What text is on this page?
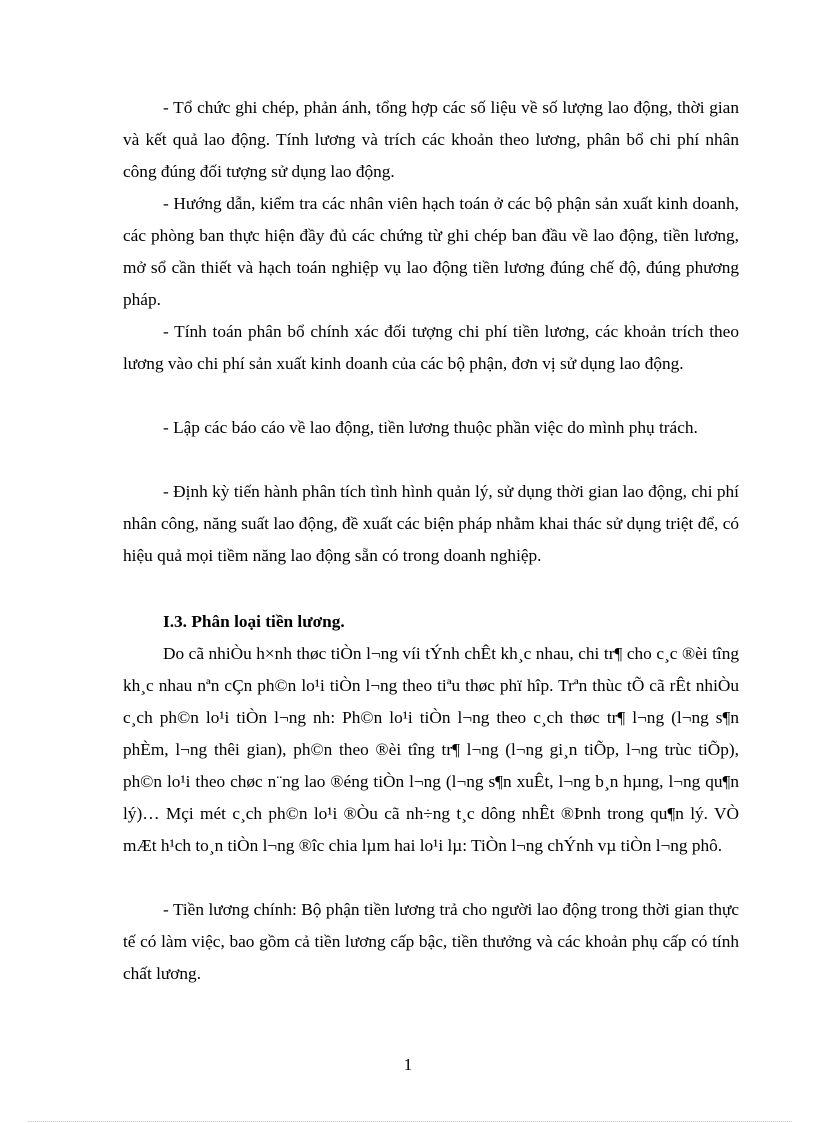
- Tổ chức ghi chép, phản ánh, tổng hợp các số liệu về số lượng lao động, thời gian và kết quả lao động. Tính lương và trích các khoản theo lương, phân bổ chi phí nhân công đúng đối tượng sử dụng lao động.

- Hướng dẫn, kiểm tra các nhân viên hạch toán ở các bộ phận sản xuất kinh doanh, các phòng ban thực hiện đầy đủ các chứng từ ghi chép ban đầu về lao động, tiền lương, mở sổ cần thiết và hạch toán nghiệp vụ lao động tiền lương đúng chế độ, đúng phương pháp.

- Tính toán phân bổ chính xác đối tượng chi phí tiền lương, các khoản trích theo lương vào chi phí sản xuất kinh doanh của các bộ phận, đơn vị sử dụng lao động.

- Lập các báo cáo về lao động, tiền lương thuộc phần việc do mình phụ trách.

- Định kỳ tiến hành phân tích tình hình quản lý, sử dụng thời gian lao động, chi phí nhân công, năng suất lao động, đề xuất các biện pháp nhằm khai thác sử dụng triệt để, có hiệu quả mọi tiềm năng lao động sẵn có trong doanh nghiệp.

I.3. Phân loại tiền lương.

Do cã nhiÒu h×nh thøc tiÒn l¬ng víi tÝnh chÊt kh¸c nhau, chi tr¶ cho c¸c ®èi tîng kh¸c nhau nªn cÇn ph©n lo¹i tiÒn l¬ng theo tiªu thøc phï hîp. Trªn thùc tÕ cã rÊt nhiÒu c¸ch ph©n lo¹i tiÒn l¬ng nh: Ph©n lo¹i tiÒn l¬ng theo c¸ch thøc tr¶ l¬ng (l¬ng s¶n phÈm, l¬ng thêi gian), ph©n theo ®èi tîng tr¶ l¬ng (l¬ng gi¸n tiÕp, l¬ng trùc tiÕp), ph©n lo¹i theo chøc n¨ng lao ®éng tiÒn l¬ng (l¬ng s¶n xuÊt, l¬ng b¸n hµng, l¬ng qu¶n lý)… Mçi mét c¸ch ph©n lo¹i ®Òu cã nh÷ng t¸c dông nhÊt ®Þnh trong qu¶n lý. VÒ mÆt h¹ch to¸n tiÒn l¬ng ®îc chia lµm hai lo¹i lµ: TiÒn l¬ng chÝnh vµ tiÒn l¬ng phô.

- Tiền lương chính: Bộ phận tiền lương trả cho người lao động trong thời gian thực tế có làm việc, bao gồm cả tiền lương cấp bậc, tiền thưởng và các khoản phụ cấp có tính chất lương.

1
